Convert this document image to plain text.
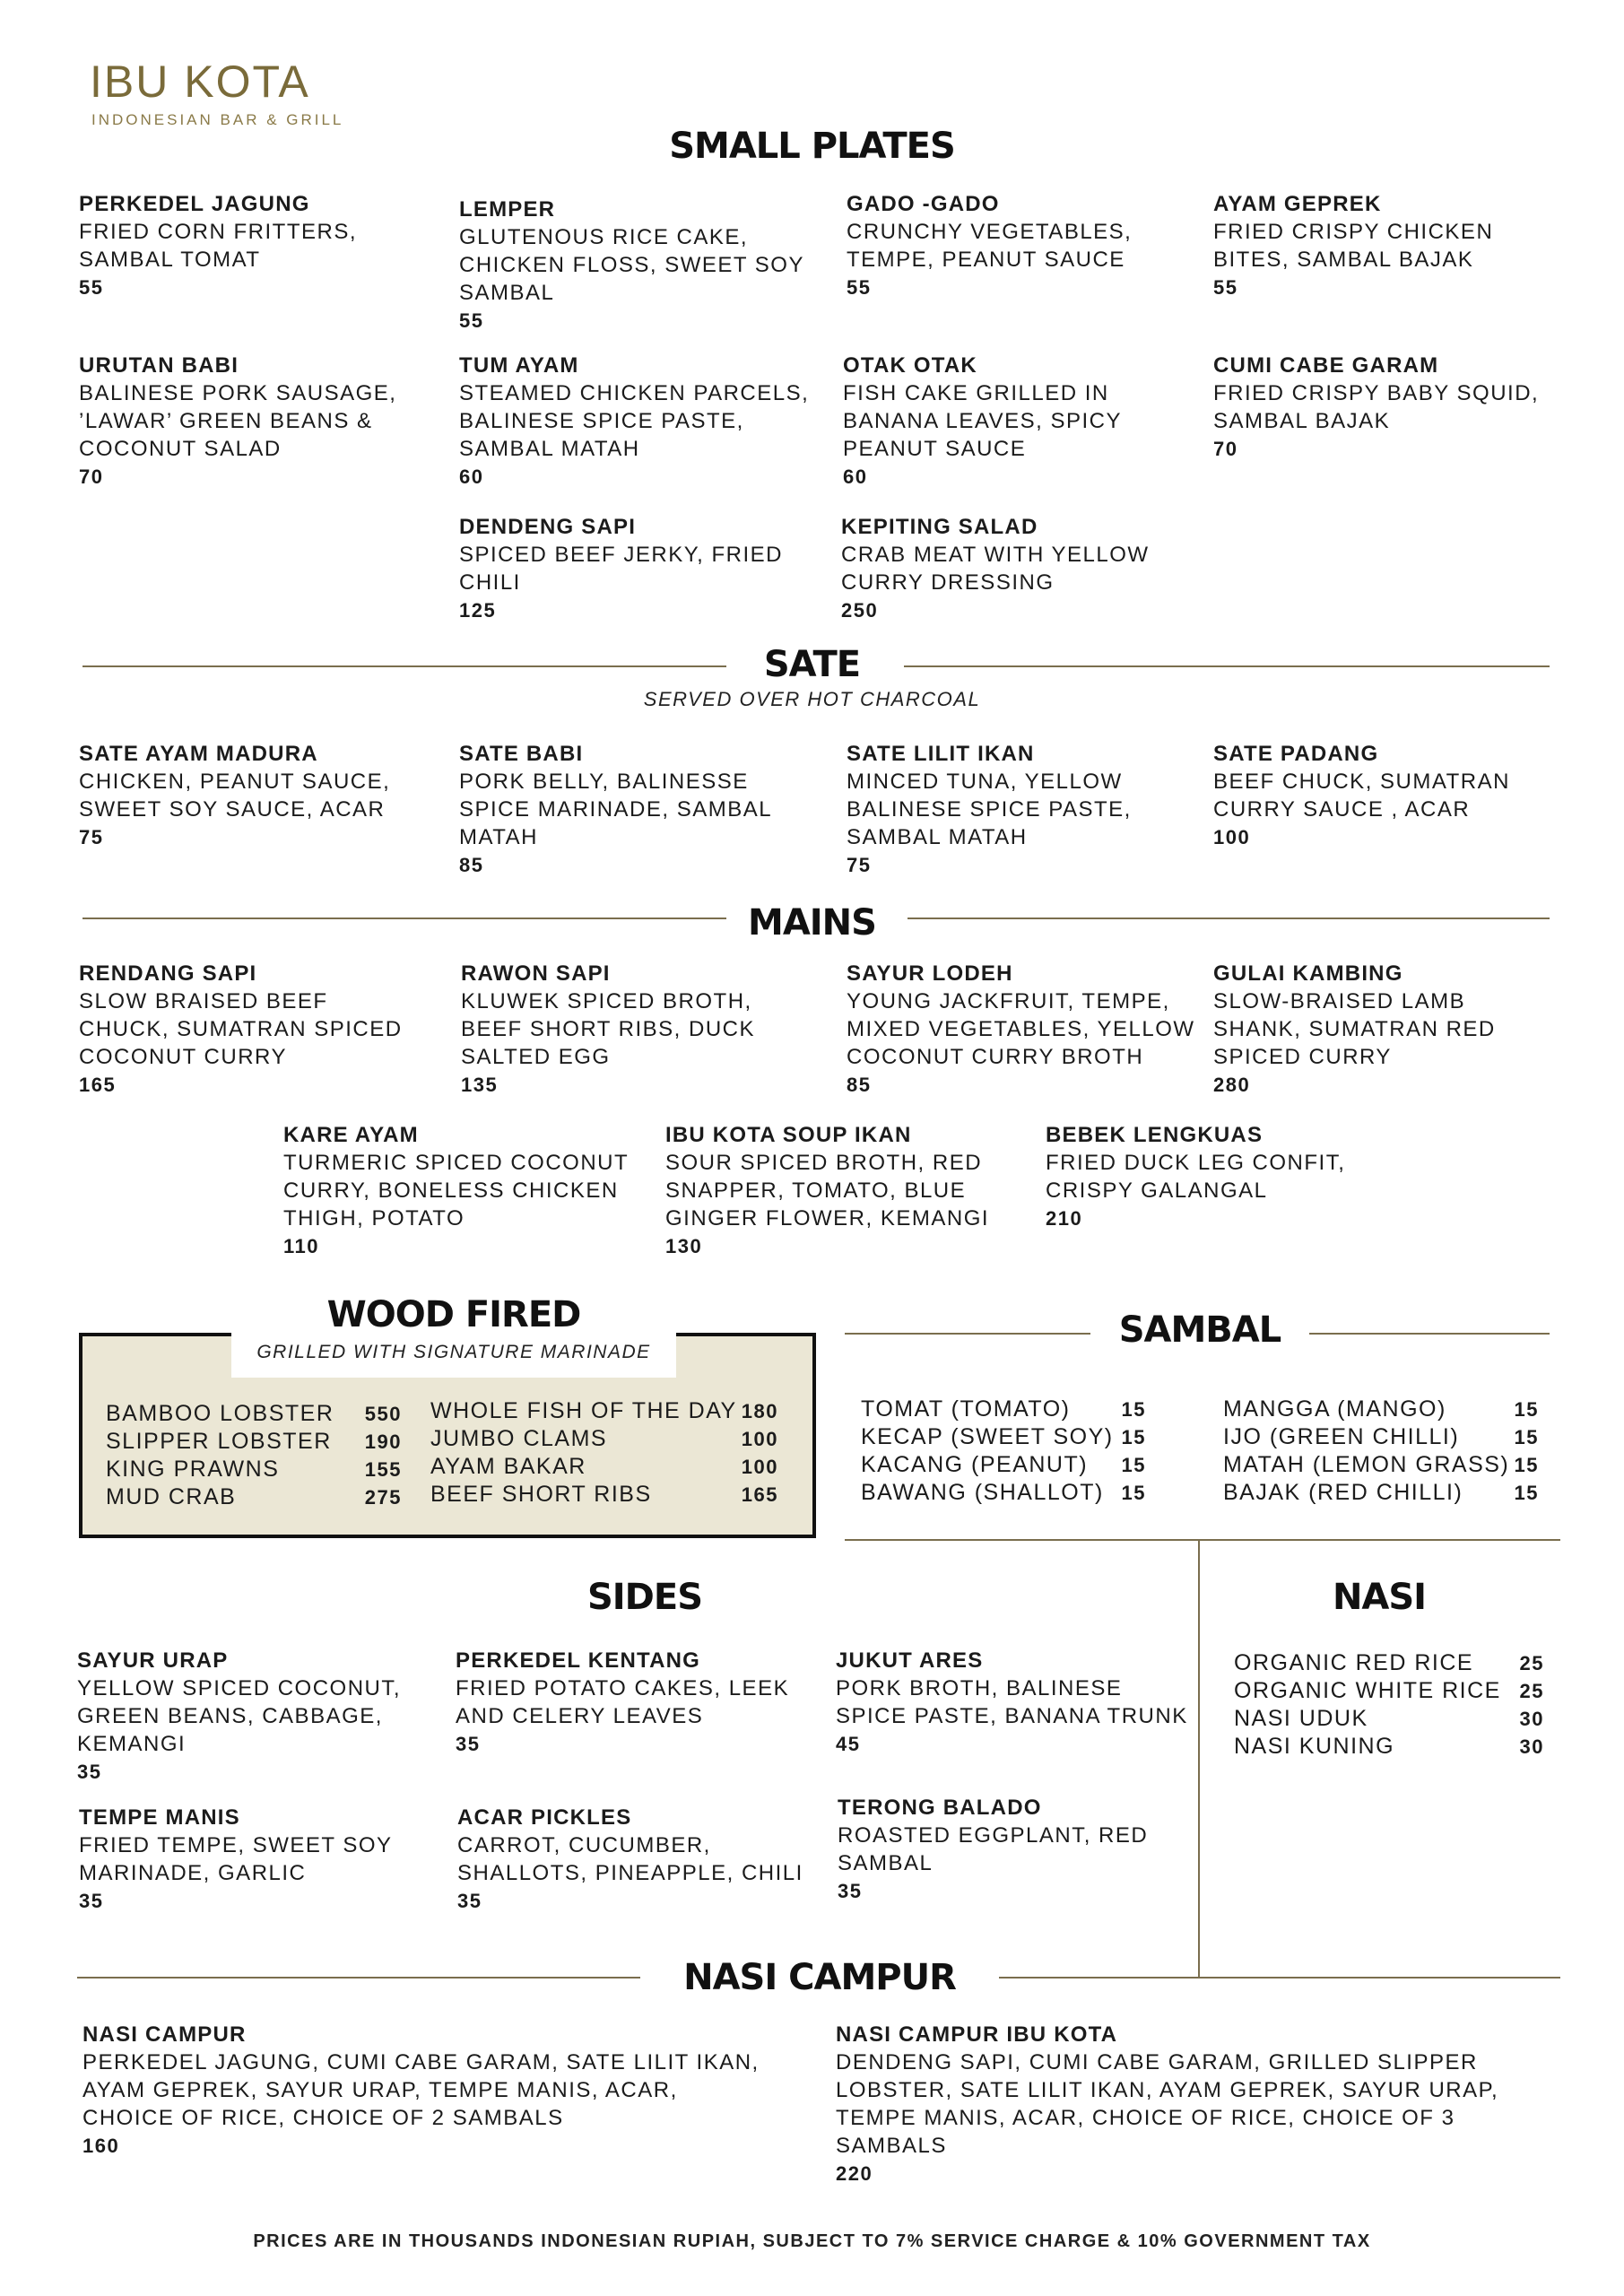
IBU KOTA
INDONESIAN BAR & GRILL
SMALL PLATES
PERKEDEL JAGUNG
FRIED CORN FRITTERS, SAMBAL TOMAT
55
LEMPER
GLUTENOUS RICE CAKE, CHICKEN FLOSS, SWEET SOY SAMBAL
55
GADO -GADO
CRUNCHY VEGETABLES, TEMPE, PEANUT SAUCE
55
AYAM GEPREK
FRIED CRISPY CHICKEN BITES, SAMBAL BAJAK
55
URUTAN BABI
BALINESE PORK SAUSAGE, ’LAWAR’ GREEN BEANS & COCONUT SALAD
70
TUM AYAM
STEAMED CHICKEN PARCELS, BALINESE SPICE PASTE, SAMBAL MATAH
60
OTAK OTAK
FISH CAKE GRILLED IN BANANA LEAVES, SPICY PEANUT SAUCE
60
CUMI CABE GARAM
FRIED CRISPY BABY SQUID, SAMBAL BAJAK
70
DENDENG SAPI
SPICED BEEF JERKY, FRIED CHILI
125
KEPITING SALAD
CRAB MEAT WITH YELLOW CURRY DRESSING
250
SATE
SERVED OVER HOT CHARCOAL
SATE AYAM MADURA
CHICKEN, PEANUT SAUCE, SWEET SOY SAUCE, ACAR
75
SATE BABI
PORK BELLY, BALINESSE SPICE MARINADE, SAMBAL MATAH
85
SATE LILIT IKAN
MINCED TUNA, YELLOW BALINESE SPICE PASTE, SAMBAL MATAH
75
SATE PADANG
BEEF CHUCK, SUMATRAN CURRY SAUCE , ACAR
100
MAINS
RENDANG SAPI
SLOW BRAISED BEEF CHUCK, SUMATRAN SPICED COCONUT CURRY
165
RAWON SAPI
KLUWEK SPICED BROTH, BEEF SHORT RIBS, DUCK SALTED EGG
135
SAYUR LODEH
YOUNG JACKFRUIT, TEMPE, MIXED VEGETABLES, YELLOW COCONUT CURRY BROTH
85
GULAI KAMBING
SLOW-BRAISED LAMB SHANK, SUMATRAN RED SPICED CURRY
280
KARE AYAM
TURMERIC SPICED COCONUT CURRY, BONELESS CHICKEN THIGH, POTATO
110
IBU KOTA SOUP IKAN
SOUR SPICED BROTH, RED SNAPPER, TOMATO, BLUE GINGER FLOWER, KEMANGI
130
BEBEK LENGKUAS
FRIED DUCK LEG CONFIT, CRISPY GALANGAL
210
WOOD FIRED
GRILLED WITH SIGNATURE MARINADE
BAMBOO LOBSTER 550
SLIPPER LOBSTER 190
KING PRAWNS	155
MUD CRAB	275
WHOLE FISH OF THE DAY 180
JUMBO CLAMS	100
AYAM BAKAR	100
BEEF SHORT RIBS	165
SAMBAL
TOMAT (TOMATO)	15
KECAP (SWEET SOY) 15
KACANG (PEANUT) 15
BAWANG (SHALLOT) 15
MANGGA (MANGO)	15
IJO (GREEN CHILLI)	15
MATAH (LEMON GRASS) 15
BAJAK (RED CHILLI)	15
SIDES
SAYUR URAP
YELLOW SPICED COCONUT, GREEN BEANS, CABBAGE, KEMANGI
35
PERKEDEL KENTANG
FRIED POTATO CAKES, LEEK AND CELERY LEAVES
35
JUKUT ARES
PORK BROTH, BALINESE SPICE PASTE, BANANA TRUNK
45
TEMPE MANIS
FRIED TEMPE, SWEET SOY MARINADE, GARLIC
35
ACAR PICKLES
CARROT, CUCUMBER, SHALLOTS, PINEAPPLE, CHILI
35
TERONG BALADO
ROASTED EGGPLANT, RED SAMBAL
35
NASI
ORGANIC RED RICE 25
ORGANIC WHITE RICE 25
NASI UDUK	30
NASI KUNING	30
NASI CAMPUR
NASI CAMPUR
PERKEDEL JAGUNG, CUMI CABE GARAM, SATE LILIT IKAN, AYAM GEPREK, SAYUR URAP, TEMPE MANIS, ACAR, CHOICE OF RICE, CHOICE OF 2 SAMBALS
160
NASI CAMPUR IBU KOTA
DENDENG SAPI, CUMI CABE GARAM, GRILLED SLIPPER LOBSTER, SATE LILIT IKAN, AYAM GEPREK, SAYUR URAP, TEMPE MANIS, ACAR, CHOICE OF RICE, CHOICE OF 3 SAMBALS
220
PRICES ARE IN THOUSANDS INDONESIAN RUPIAH, SUBJECT TO 7% SERVICE CHARGE & 10% GOVERNMENT TAX
